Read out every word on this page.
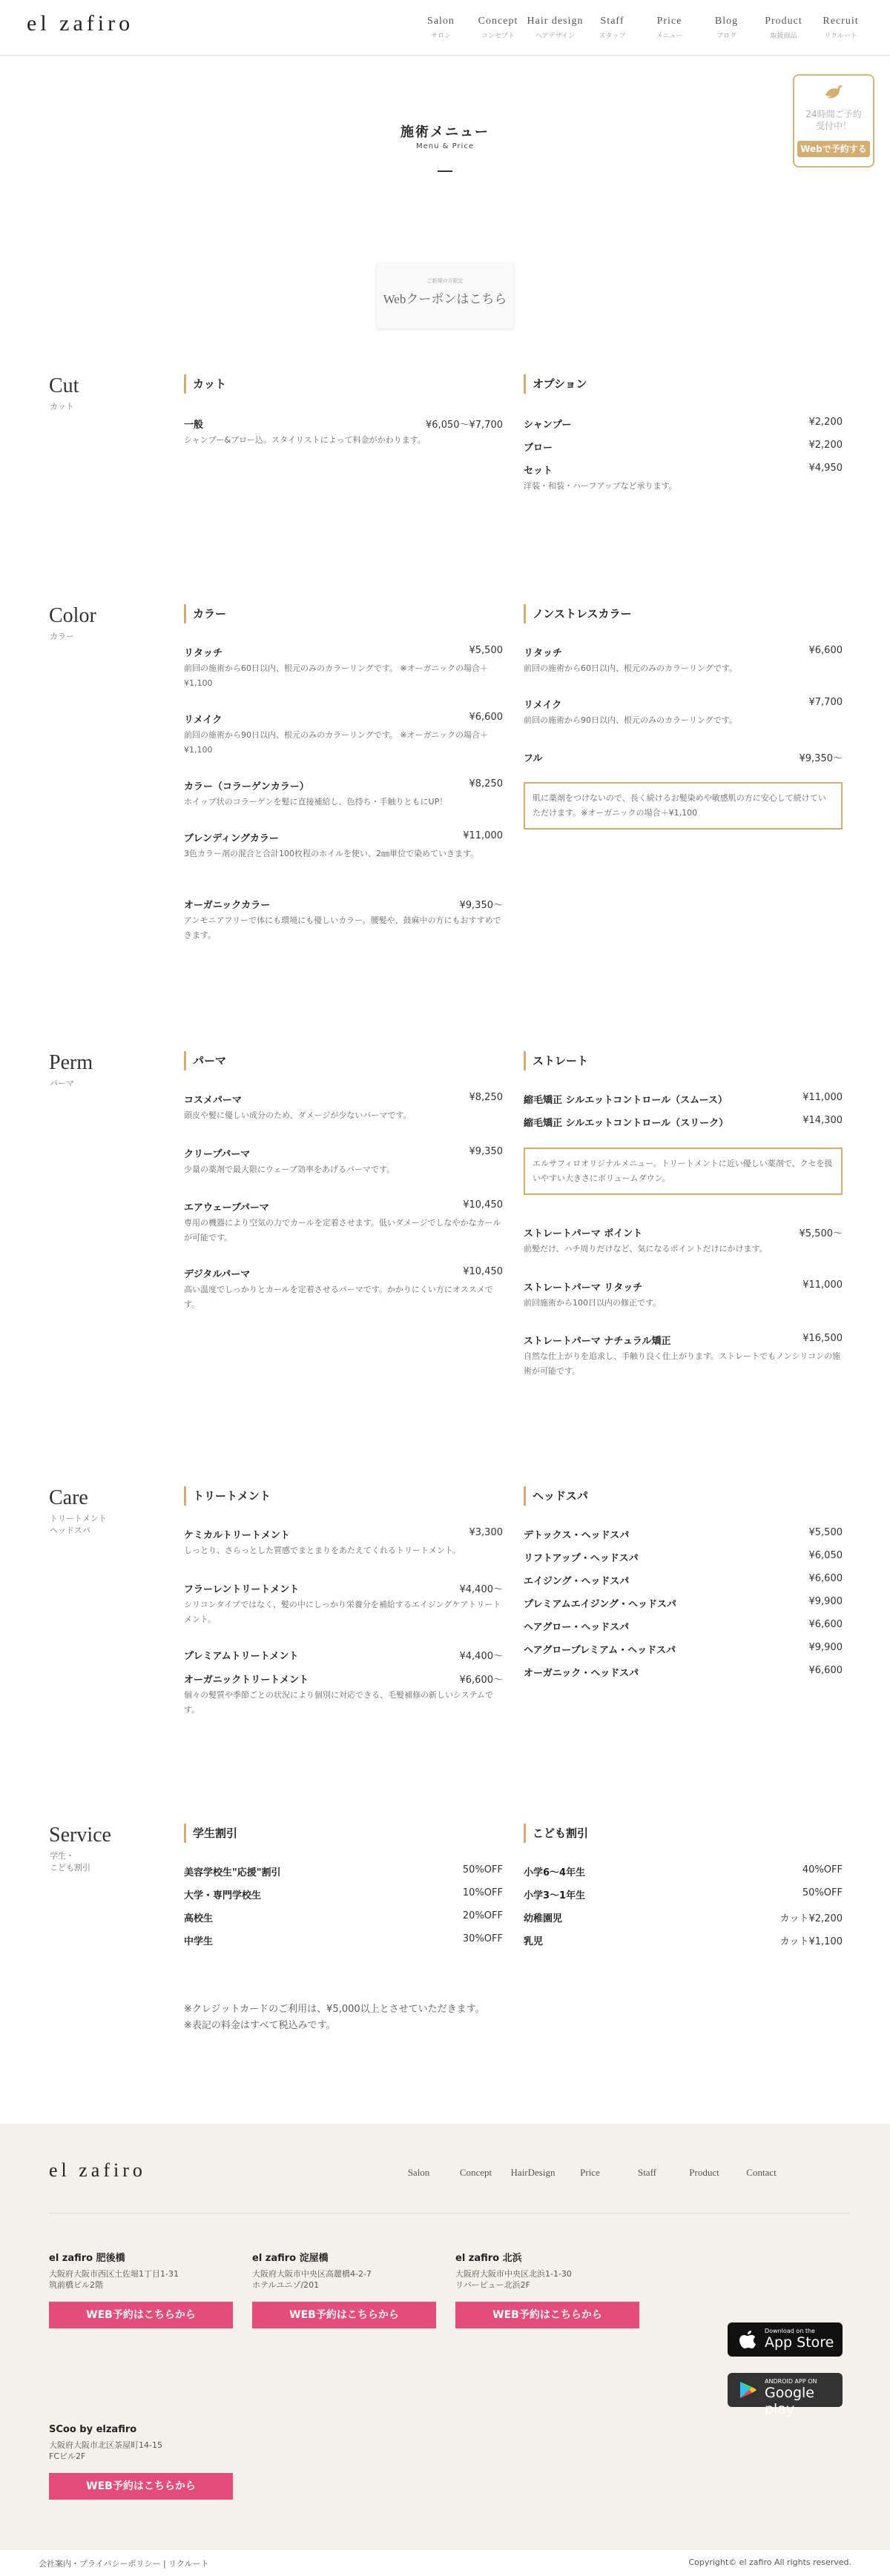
el zafiro	Salon
サロン
Concept
コンセプト
Hair design
ヘアデザイン
Staff
スタッフ
Price
メニュー
Blog
ブログ
Product
取扱商品
Recruit
リクルート
24時間ご予約
受付中！
Webで予約する
施術メニュー
Menu & Price
ご新規の方限定
Webクーポンはこちら
Cut
カット
カット
一般	¥6,050〜¥7,700
シャンプー&ブロー込。スタイリストによって料金がかわります。
オプション
シャンプー	¥2,200
ブロー	¥2,200
セット	¥4,950
洋装・和装・ハーフアップなど承ります。
Color
カラー
カラー
リタッチ	¥5,500
前回の施術から60日以内、根元のみのカラーリングです。 ※オーガニックの場合＋¥1,100
リメイク	¥6,600
前回の施術から90日以内、根元のみのカラーリングです。 ※オーガニックの場合＋¥1,100
カラー（コラーゲンカラー）	¥8,250
ホイップ状のコラーゲンを髪に直接補給し、色持ち・手触りともにUP！
ブレンディングカラー	¥11,000
3色カラー剤の混合と合計100枚程のホイルを使い、2㎜単位で染めていきます。
オーガニックカラー	¥9,350〜
アンモニアフリーで体にも環境にも優しいカラー。腰髪や、鼓麻中の方にもおすすめできます。
ノンストレスカラー
リタッチ	¥6,600
前回の施術から60日以内、根元のみのカラーリングです。
リメイク	¥7,700
前回の施術から90日以内、根元のみのカラーリングです。
フル	¥9,350〜
肌に薬剤をつけないので、長く続けるお髪染めや敏感肌の方に安心して続けていただけます。※オーガニックの場合＋¥1,100
Perm
パーマ
パーマ
コスメパーマ	¥8,250
頭皮や髪に優しい成分のため、ダメージが少ないパーマです。
クリープパーマ	¥9,350
少量の薬剤で最大限にウェーブ効率をあげるパーマです。
エアウェーブパーマ	¥10,450
専用の機器により空気の力でカールを定着させます。低いダメージでしなやかなカールが可能です。
デジタルパーマ	¥10,450
高い温度でしっかりとカールを定着させるパーマです。かかりにくい方にオススメです。
ストレート
縮毛矯正 シルエットコントロール（スムース）	¥11,000
縮毛矯正 シルエットコントロール（スリーク）	¥14,300
エルサフィロオリジナルメニュー。トリートメントに近い優しい薬剤で、クセを扱いやすい大きさにボリュームダウン。
ストレートパーマ ポイント	¥5,500〜
前髪だけ、ハチ周りだけなど、気になるポイントだけにかけます。
ストレートパーマ リタッチ	¥11,000
前回施術から100日以内の修正です。
ストレートパーマ ナチュラル矯正	¥16,500
自然な仕上がりを追求し、手触り良く仕上がります。ストレートでもノンシリコンの施術が可能です。
Care
トリートメント
ヘッドスパ
トリートメント
ケミカルトリートメント	¥3,300
しっとり、さらっとした質感でまとまりをあたえてくれるトリートメント。
フラーレントリートメント	¥4,400〜
シリコンタイプではなく、髪の中にしっかり栄養分を補給するエイジングケアトリートメント。
プレミアムトリートメント	¥4,400〜
オーガニックトリートメント	¥6,600〜
個々の髪質や季節ごとの状況により個別に対応できる、毛髪補修の新しいシステムです。
ヘッドスパ
デトックス・ヘッドスパ	¥5,500
リフトアップ・ヘッドスパ	¥6,050
エイジング・ヘッドスパ	¥6,600
プレミアムエイジング・ヘッドスパ	¥9,900
ヘアグロー・ヘッドスパ	¥6,600
ヘアグロープレミアム・ヘッドスパ	¥9,900
オーガニック・ヘッドスパ	¥6,600
Service
学生・
こども割引
学生割引
美容学校生"応援"割引	50%OFF
大学・専門学校生	10%OFF
高校生	20%OFF
中学生	30%OFF
こども割引
小学6〜4年生	40%OFF
小学3〜1年生	50%OFF
幼稚園児	カット¥2,200
乳児	カット¥1,100
※クレジットカードのご利用は、¥5,000以上とさせていただきます。
※表記の料金はすべて税込みです。
el zafiro	Salon	Concept	HairDesign	Price	Staff	Product	Contact
el zafiro 肥後橋
大阪府大阪市西区土佐堀1丁目1-31
筑前橋ビル2階
WEB予約はこちらから
el zafiro 淀屋橋
大阪府大阪市中央区高麗橋4-2-7
ホテルユニゾ/201
WEB予約はこちらから
el zafiro 北浜
大阪府大阪市中央区北浜1-1-30
リバーピュー北浜2F
WEB予約はこちらから
SCoo by elzafiro
大阪府大阪市北区茶屋町14-15
FCビル2F
WEB予約はこちらから
Download on the
App Store
ANDROID APP ON
Google play
会社案内・プライバシーポリシー | リクルート	Copyright© el zafiro All rights reserved.
